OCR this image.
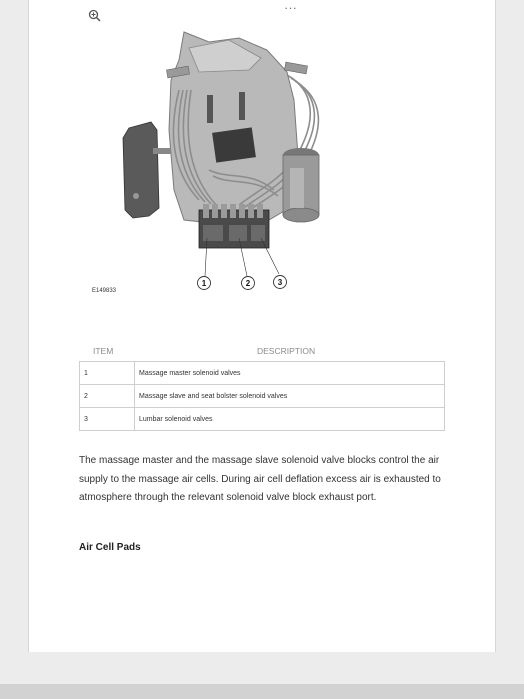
...
1	2	3
E149833
ITEM	DESCRIPTION
1	Massage master solenoid valves
2	Massage slave and seat bolster solenoid valves
3	Lumbar solenoid valves

The massage master and the massage slave solenoid valve blocks control the air supply to the massage air cells. During air cell deflation excess air is exhausted to atmosphere through the relevant solenoid valve block exhaust port.

Air Cell Pads
